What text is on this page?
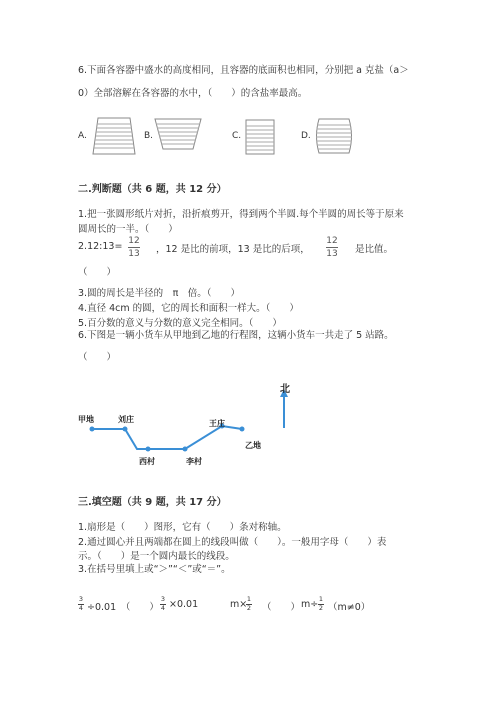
6.下面各容器中盛水的高度相同，且容器的底面积也相同，分别把 a 克盐（a＞
0）全部溶解在各容器的水中，（　　）的含盐率最高。
A.	B.	C.	D.
二.判断题（共 6 题，共 12 分）
1.把一张圆形纸片对折，沿折痕剪开，得到两个半圆.每个半圆的周长等于原来
圆周长的一半。（　　）
2.12:13= 12
13 ，12 是比的前项，13 是比的后项，
12
13 是比值。
（　　）
3.圆的周长是半径的　π　倍。（　　）
4.直径 4cm 的圆，它的周长和面积一样大。（　　）
5.百分数的意义与分数的意义完全相同。（　　）
6.下图是一辆小货车从甲地到乙地的行程图，这辆小货车一共走了 5 站路。
（　　）
北
甲地	刘庄
西村	李村
王庄
乙地
三.填空题（共 9 题，共 17 分）
1.扇形是（　　）图形，它有（　　）条对称轴。
2.通过圆心并且两端都在圆上的线段叫做（　　）。一般用字母（　　）表
示。（　　）是一个圆内最长的线段。
3.在括号里填上或“＞”“＜”或“＝”。
3
4 ÷0.01　（　　）
3
4 ×0.01	m× 1
2 （　　） m÷ 1
2 （m≠0）
